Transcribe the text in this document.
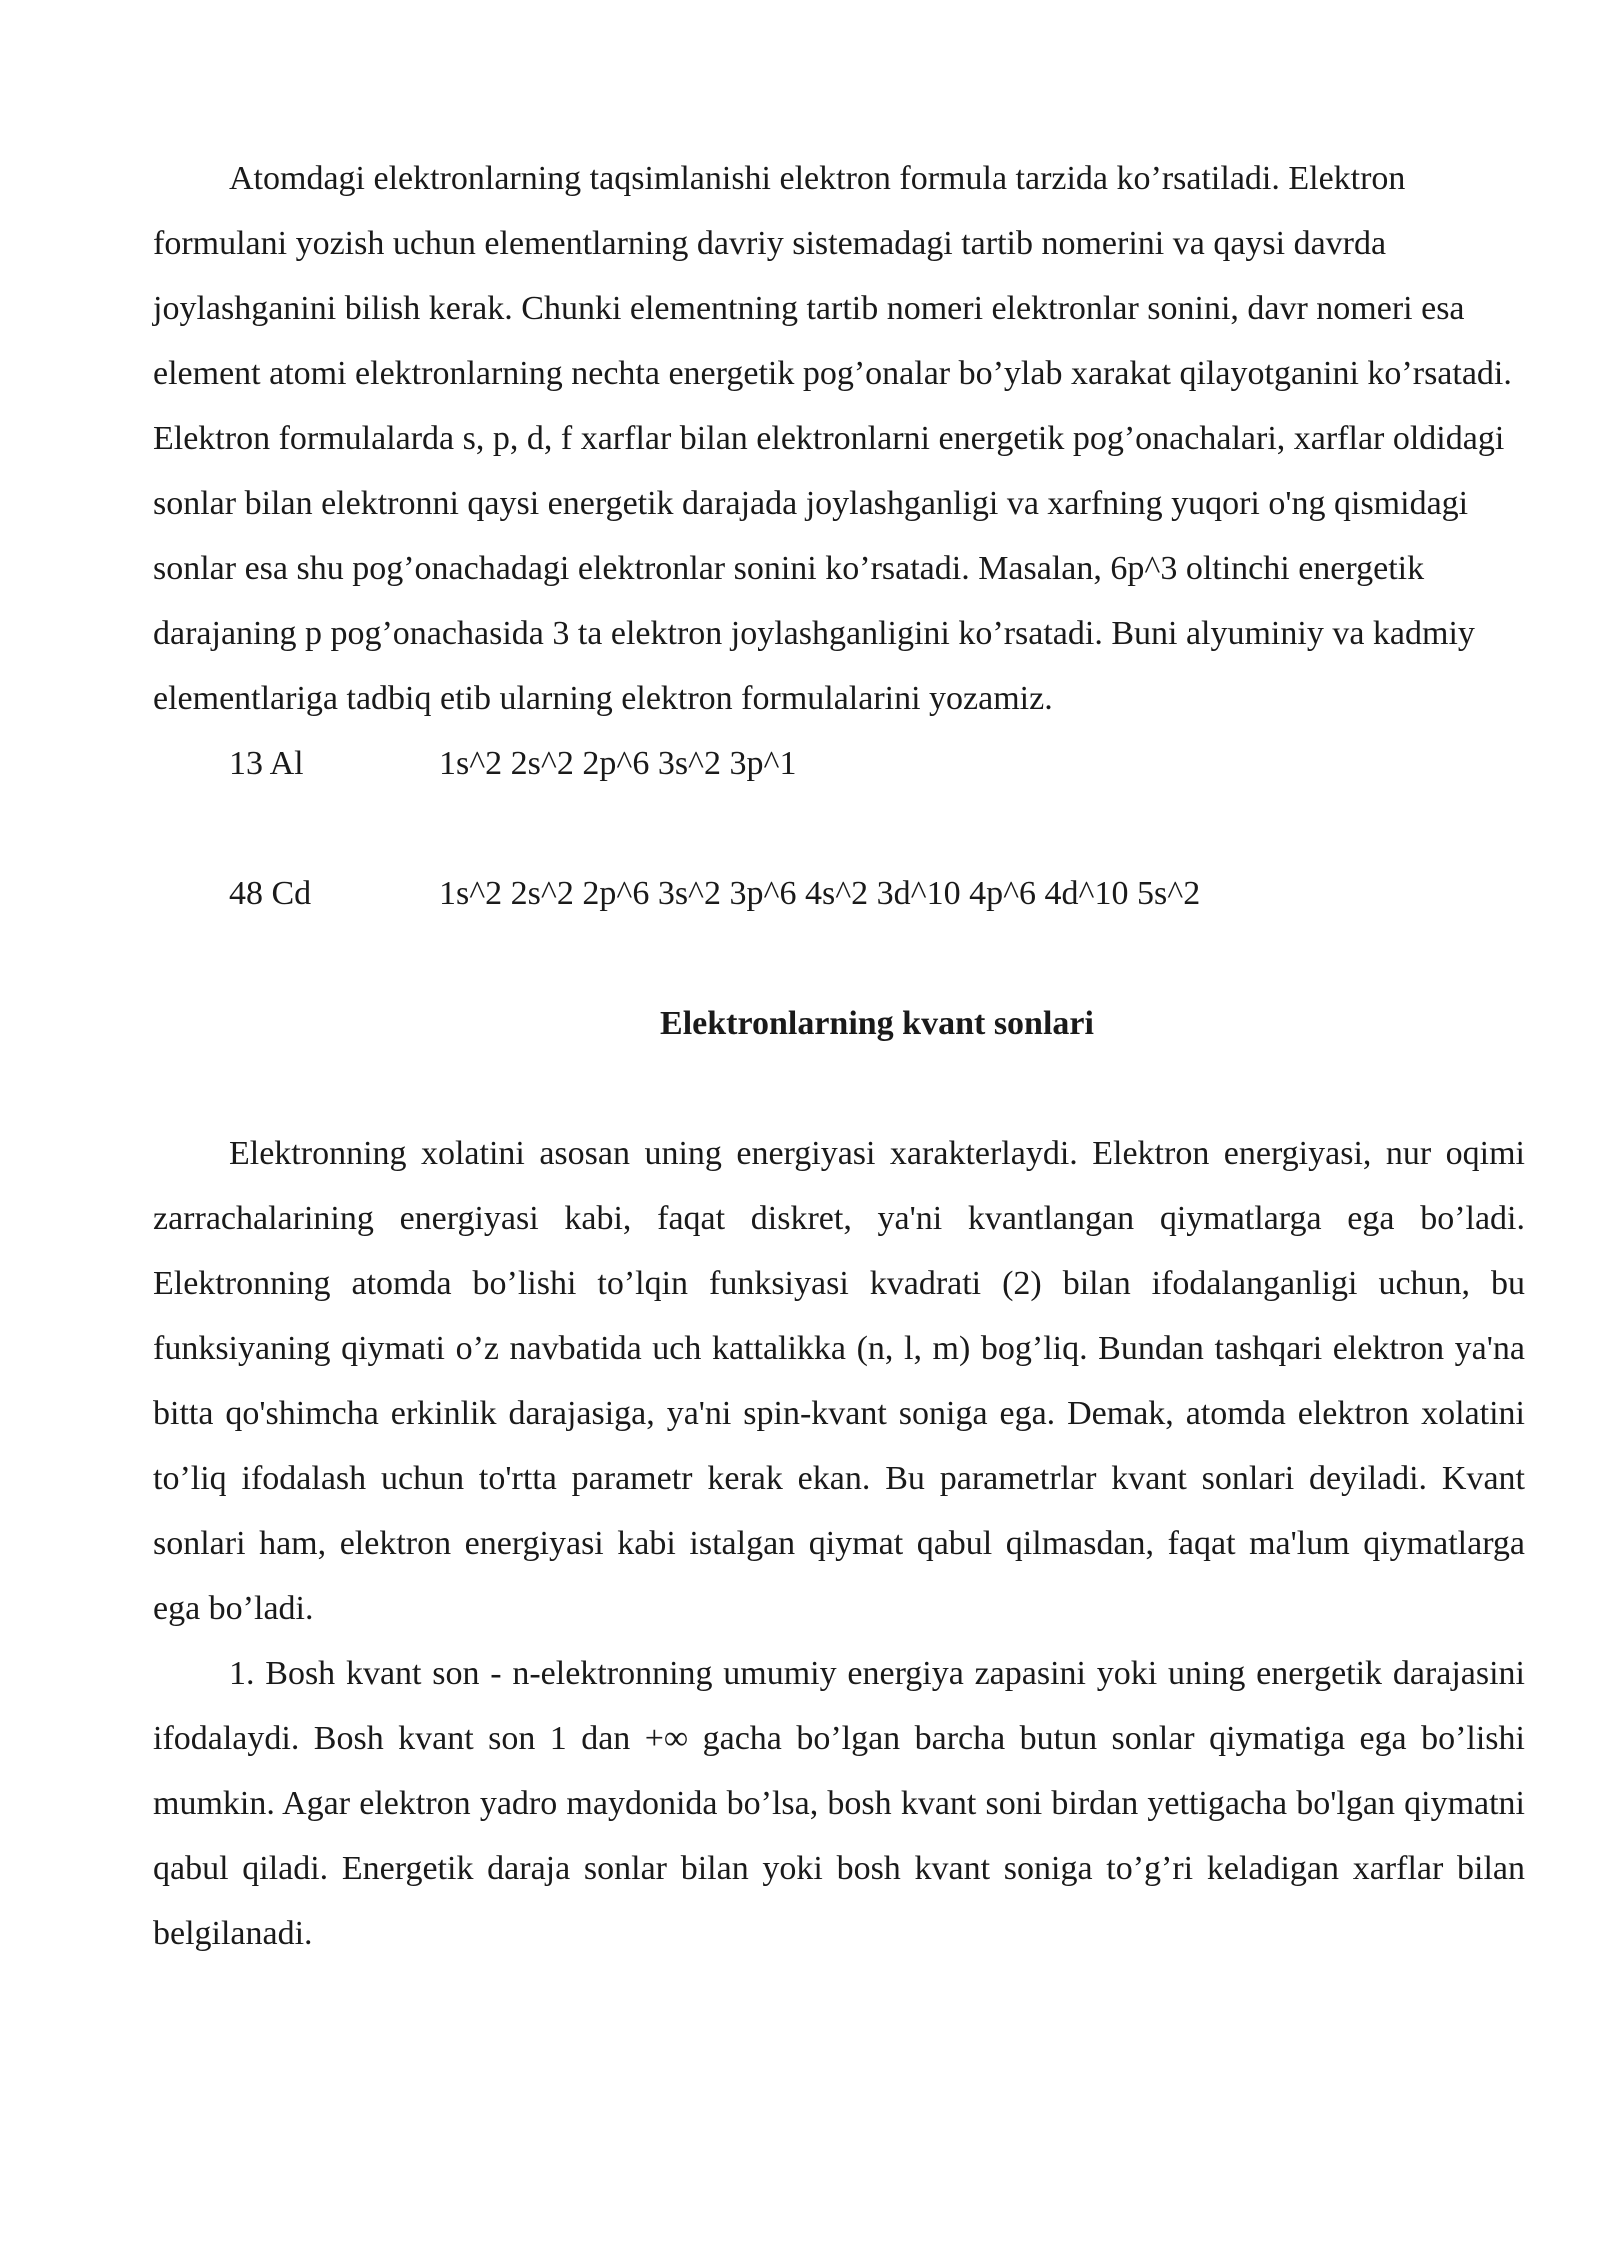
Atomdagi elektronlarning taqsimlanishi elektron formula tarzida ko’rsatiladi. Elektron formulani yozish uchun elementlarning davriy sistemadagi tartib nomerini va qaysi davrda joylashganini bilish kerak. Chunki elementning tartib nomeri elektronlar sonini, davr nomeri esa element atomi elektronlarning nechta energetik pog’onalar bo’ylab xarakat qilayotganini ko’rsatadi. Elektron formulalarda s, p, d, f xarflar bilan elektronlarni energetik pog’onachalari, xarflar oldidagi sonlar bilan elektronni qaysi energetik darajada joylashganligi va xarfning yuqori o'ng qismidagi sonlar esa shu pog’onachadagi elektronlar sonini ko’rsatadi. Masalan, 6p^3 oltinchi energetik darajaning p pog’onachasida 3 ta elektron joylashganligini ko’rsatadi. Buni alyuminiy va kadmiy elementlariga tadbiq etib ularning elektron formulalarini yozamiz.

13 Al	1s^2 2s^2 2p^6 3s^2 3p^1
48 Cd	1s^2 2s^2 2p^6 3s^2 3p^6 4s^2 3d^10 4p^6 4d^10 5s^2

Elektronlarning kvant sonlari

Elektronning xolatini asosan uning energiyasi xarakterlaydi. Elektron energiyasi, nur oqimi zarrachalarining energiyasi kabi, faqat diskret, ya'ni kvantlangan qiymatlarga ega bo’ladi. Elektronning atomda bo’lishi to’lqin funksiyasi kvadrati (2) bilan ifodalanganligi uchun, bu funksiyaning qiymati o’z navbatida uch kattalikka (n, l, m) bog’liq. Bundan tashqari elektron ya'na bitta qo'shimcha erkinlik darajasiga, ya'ni spin-kvant soniga ega. Demak, atomda elektron xolatini to’liq ifodalash uchun to'rtta parametr kerak ekan. Bu parametrlar kvant sonlari deyiladi. Kvant sonlari ham, elektron energiyasi kabi istalgan qiymat qabul qilmasdan, faqat ma'lum qiymatlarga ega bo’ladi.

1. Bosh kvant son - n-elektronning umumiy energiya zapasini yoki uning energetik darajasini ifodalaydi. Bosh kvant son 1 dan +∞ gacha bo’lgan barcha butun sonlar qiymatiga ega bo’lishi mumkin. Agar elektron yadro maydonida bo’lsa, bosh kvant soni birdan yettigacha bo'lgan qiymatni qabul qiladi. Energetik daraja sonlar bilan yoki bosh kvant soniga to’g’ri keladigan xarflar bilan belgilanadi.
